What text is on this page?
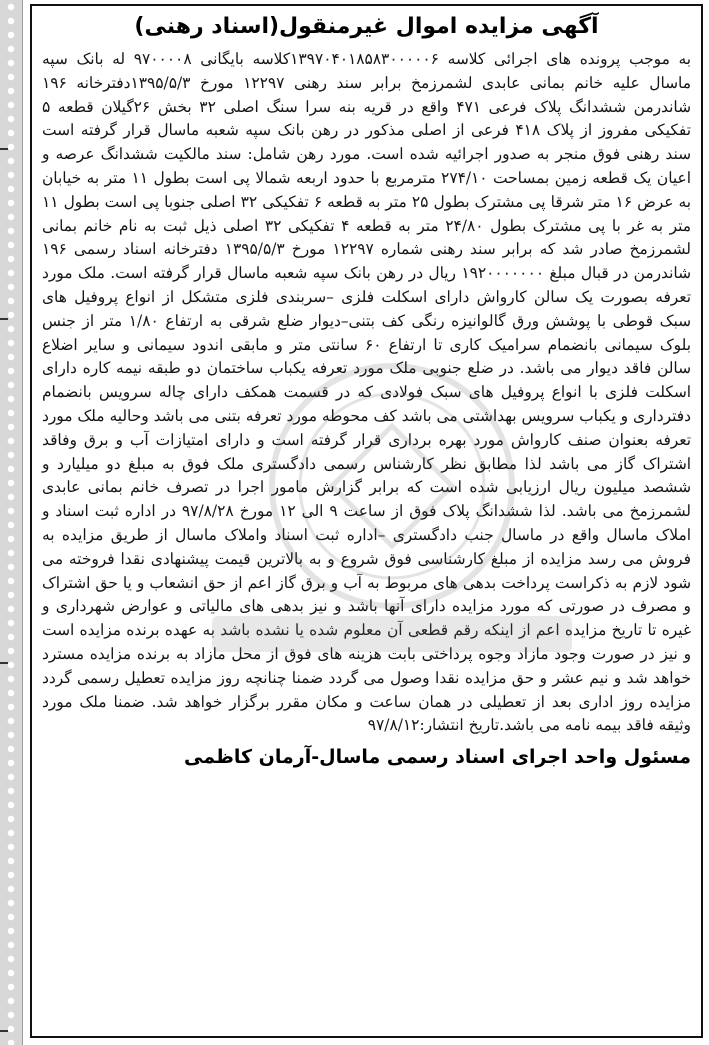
آگهی مزایده اموال غیرمنقول(اسناد رهنی)

به موجب پرونده های اجرائی کلاسه ۱۳۹۷۰۴۰۱۸۵۸۳۰۰۰۰۰۶کلاسه بایگانی ۹۷۰۰۰۰۸ له بانک سپه ماسال علیه خانم بمانی عابدی لشمرزمخ برابر سند رهنی ۱۲۲۹۷ مورخ ۱۳۹۵/۵/۳دفترخانه ۱۹۶ شاندرمن ششدانگ پلاک فرعی ۴۷۱ واقع در قریه بنه سرا سنگ اصلی ۳۲ بخش ۲۶گیلان قطعه ۵ تفکیکی مفروز از پلاک ۴۱۸ فرعی از اصلی مذکور در رهن بانک سپه شعبه ماسال قرار گرفته است سند رهنی فوق منجر به صدور اجرائیه شده است. مورد رهن شامل: سند مالکیت ششدانگ عرصه و اعیان یک قطعه زمین بمساحت ۲۷۴/۱۰ مترمربع با حدود اربعه شمالا پی است بطول ۱۱ متر به خیابان به عرض ۱۶ متر شرقا پی مشترک بطول ۲۵ متر به قطعه ۶ تفکیکی ۳۲ اصلی جنوبا پی است بطول ۱۱ متر به غر با پی مشترک بطول ۲۴/۸۰ متر به قطعه ۴ تفکیکی ۳۲ اصلی ذیل ثبت به نام خانم بمانی لشمرزمخ صادر شد که برابر سند رهنی شماره ۱۲۲۹۷ مورخ ۱۳۹۵/۵/۳ دفترخانه اسناد رسمی ۱۹۶ شاندرمن در قبال مبلغ ۱۹۲۰۰۰۰۰۰۰ ریال در رهن بانک سپه شعبه ماسال قرار گرفته است. ملک مورد تعرفه بصورت یک سالن کارواش دارای اسکلت فلزی –سربندی فلزی متشکل از انواع پروفیل های سبک قوطی با پوشش ورق گالوانیزه رنگی کف بتنی–دیوار ضلع شرقی به ارتفاع ۱/۸۰ متر از جنس بلوک سیمانی بانضمام سرامیک کاری تا ارتفاع ۶۰ سانتی متر و مابقی اندود سیمانی و سایر اضلاع سالن فاقد دیوار می باشد. در ضلع جنوبی ملک مورد تعرفه یکباب ساختمان دو طبقه نیمه کاره دارای اسکلت فلزی با انواع پروفیل های سبک فولادی که در قسمت همکف دارای چاله سرویس بانضمام دفترداری و یکباب سرویس بهداشتی می باشد کف محوطه مورد تعرفه بتنی می باشد وحالیه ملک مورد تعرفه بعنوان صنف کارواش مورد بهره برداری قرار گرفته است و دارای امتیازات آب و برق وفاقد اشتراک گاز می باشد لذا مطابق نظر کارشناس رسمی دادگستری ملک فوق به مبلغ دو میلیارد و ششصد میلیون ریال ارزیابی شده است که برابر گزارش مامور اجرا در تصرف خانم بمانی عابدی لشمرزمخ می باشد. لذا ششدانگ پلاک فوق از ساعت ۹ الی ۱۲ مورخ ۹۷/۸/۲۸ در اداره ثبت اسناد و املاک ماسال واقع در ماسال جنب دادگستری –اداره ثبت اسناد واملاک ماسال از طریق مزایده به فروش می رسد مزایده از مبلغ کارشناسی فوق شروع و به بالاترین قیمت پیشنهادی نقدا فروخته می شود لازم به ذکراست پرداخت بدهی های مربوط به آب و برق گاز اعم از حق انشعاب و یا حق اشتراک و مصرف در صورتی که مورد مزایده دارای آنها باشد و نیز بدهی های مالیاتی و عوارض شهرداری و غیره تا تاریخ مزایده اعم از اینکه رقم قطعی آن معلوم شده یا نشده باشد به عهده برنده مزایده است و نیز در صورت وجود مازاد وجوه پرداختی بابت هزینه های فوق از محل مازاد به برنده مزایده مسترد خواهد شد و نیم عشر و حق مزایده نقدا وصول می گردد ضمنا چنانچه روز مزایده تعطیل رسمی گردد مزایده روز اداری بعد از تعطیلی در همان ساعت و مکان مقرر برگزار خواهد شد. ضمنا ملک مورد وثیقه فاقد بیمه نامه می باشد.تاریخ انتشار:۹۷/۸/۱۲

مسئول واحد اجرای اسناد رسمی ماسال-آرمان کاظمی
